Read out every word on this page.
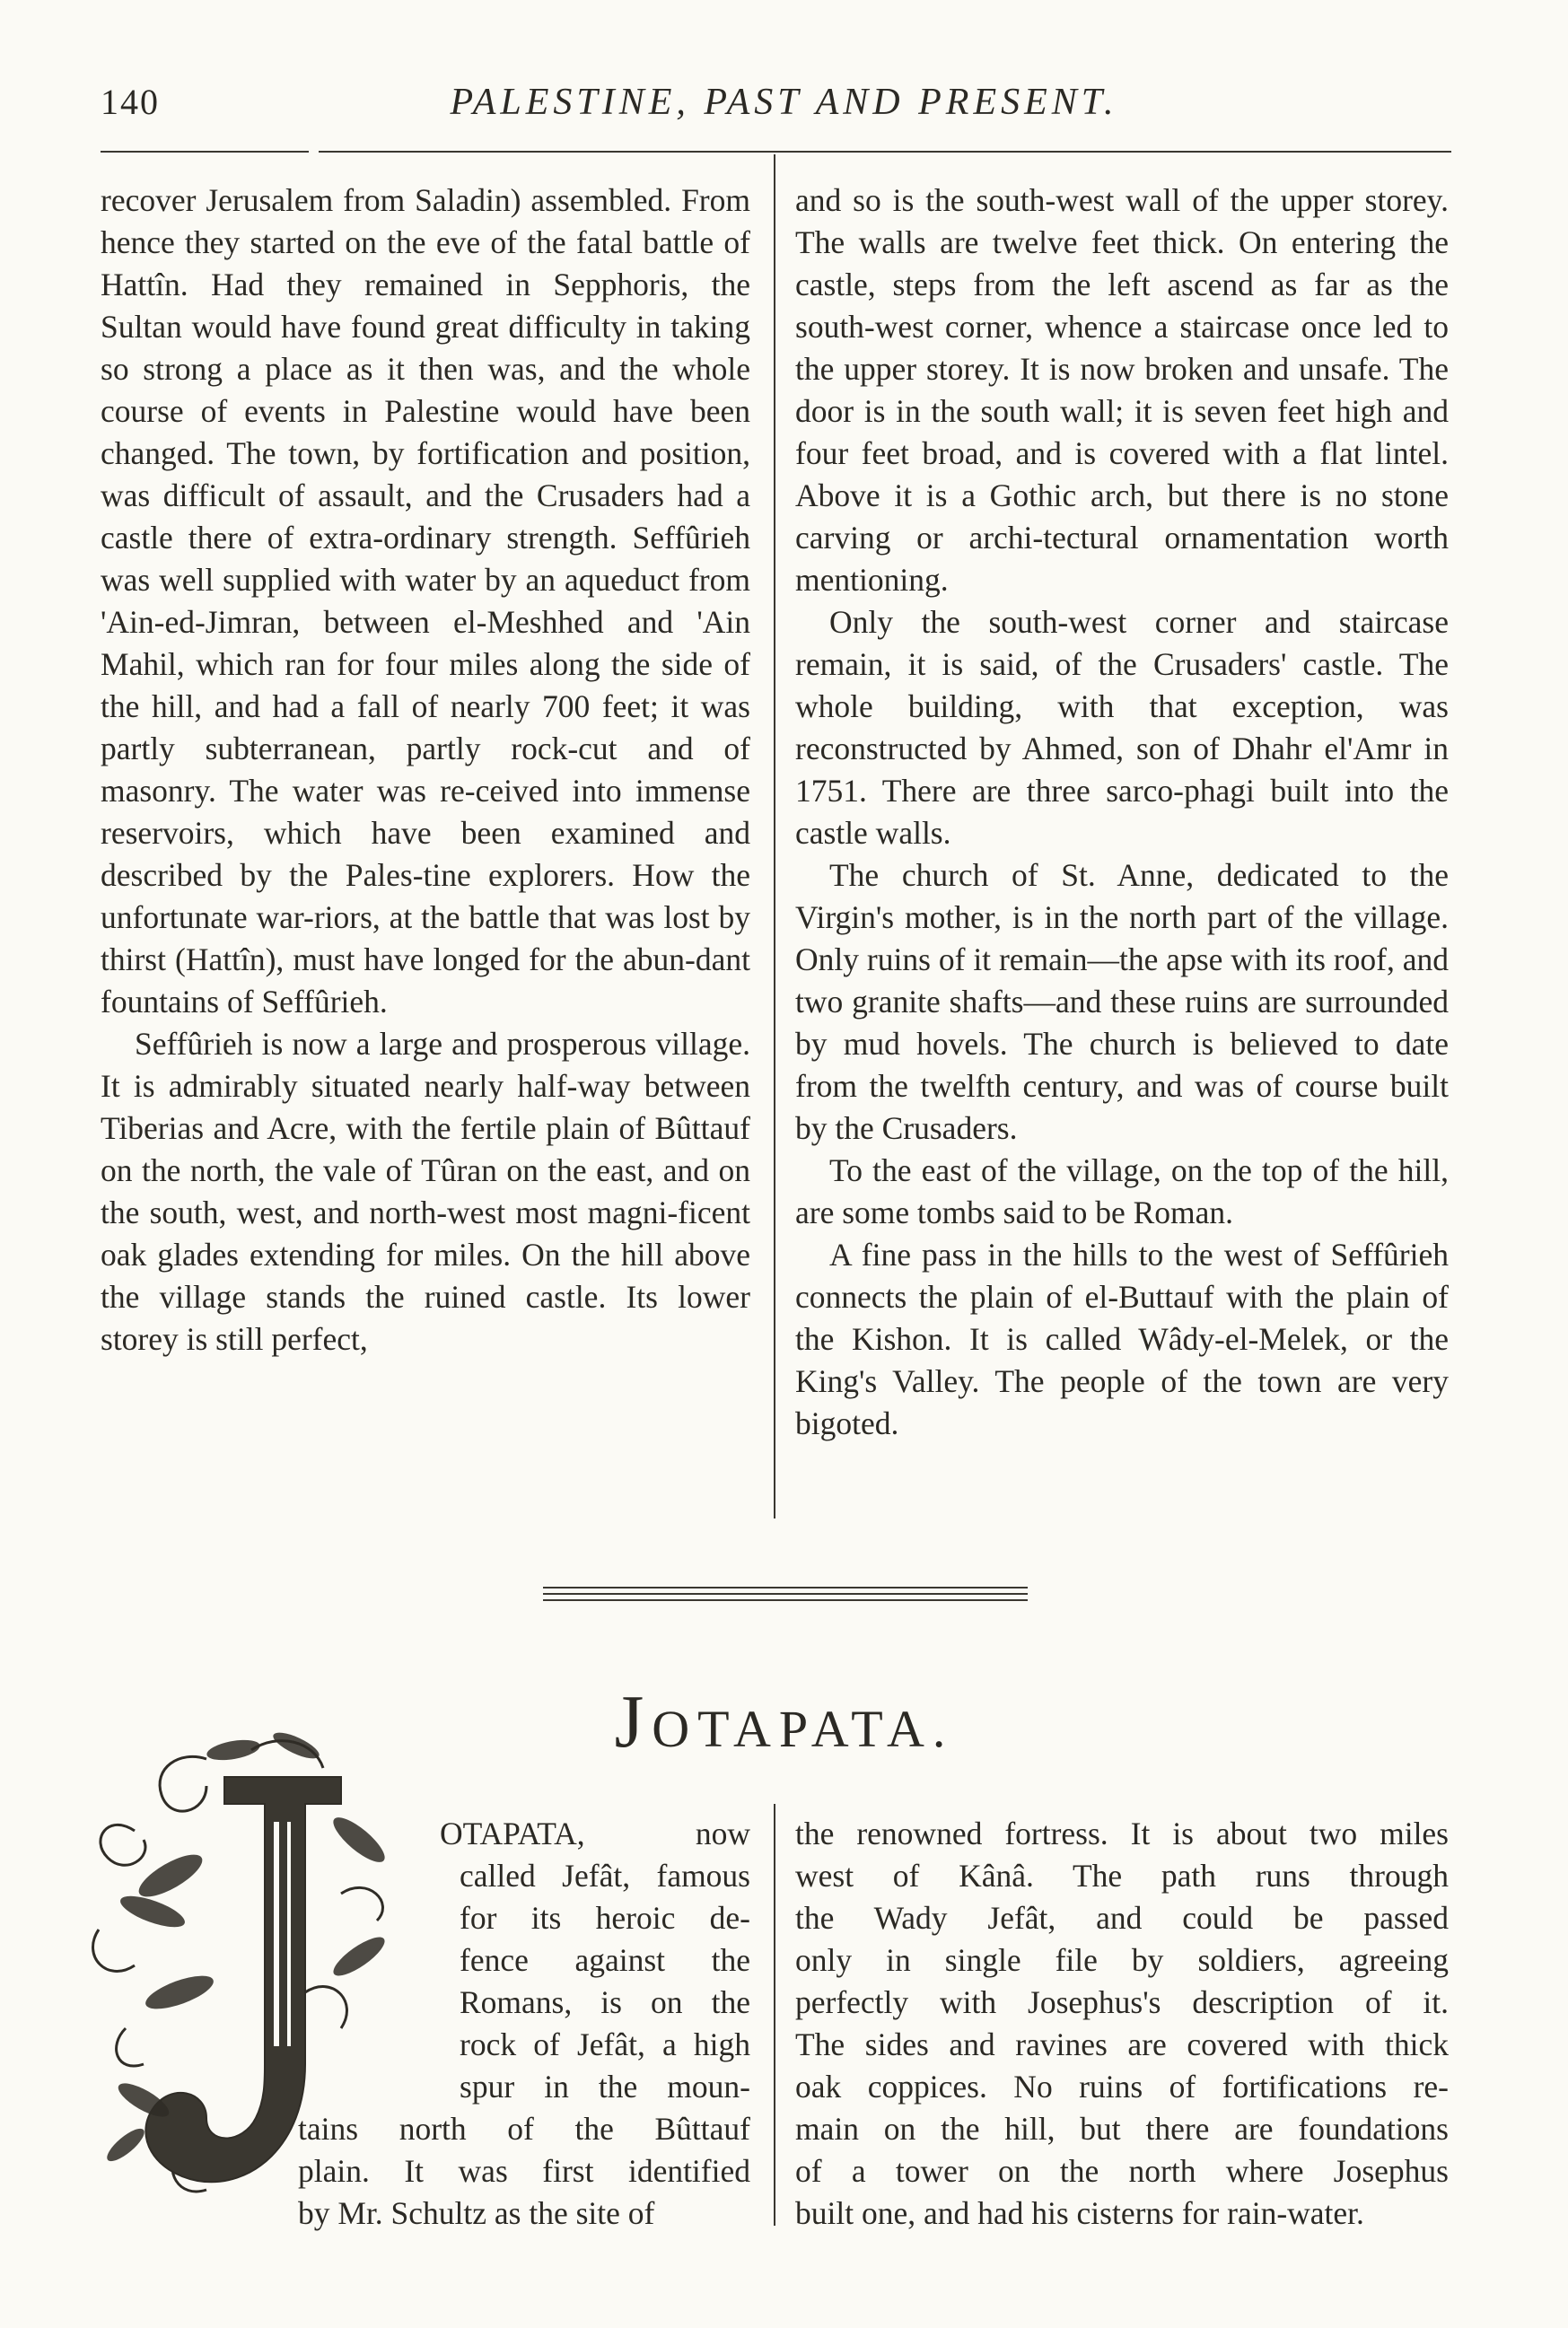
140	PALESTINE, PAST AND PRESENT.

recover Jerusalem from Saladin) assembled. From hence they started on the eve of the fatal battle of Hattîn. Had they remained in Sepphoris, the Sultan would have found great difficulty in taking so strong a place as it then was, and the whole course of events in Palestine would have been changed. The town, by fortification and position, was difficult of assault, and the Crusaders had a castle there of extra-ordinary strength. Seffûrieh was well supplied with water by an aqueduct from 'Ain-ed-Jimran, between el-Meshhed and 'Ain Mahil, which ran for four miles along the side of the hill, and had a fall of nearly 700 feet; it was partly subterranean, partly rock-cut and of masonry. The water was re-ceived into immense reservoirs, which have been examined and described by the Pales-tine explorers. How the unfortunate war-riors, at the battle that was lost by thirst (Hattîn), must have longed for the abun-dant fountains of Seffûrieh.

Seffûrieh is now a large and prosperous village. It is admirably situated nearly half-way between Tiberias and Acre, with the fertile plain of Bûttauf on the north, the vale of Tûran on the east, and on the south, west, and north-west most magni-ficent oak glades extending for miles. On the hill above the village stands the ruined castle. Its lower storey is still perfect,

and so is the south-west wall of the upper storey. The walls are twelve feet thick. On entering the castle, steps from the left ascend as far as the south-west corner, whence a staircase once led to the upper storey. It is now broken and unsafe. The door is in the south wall; it is seven feet high and four feet broad, and is covered with a flat lintel. Above it is a Gothic arch, but there is no stone carving or archi-tectural ornamentation worth mentioning.

Only the south-west corner and staircase remain, it is said, of the Crusaders' castle. The whole building, with that exception, was reconstructed by Ahmed, son of Dhahr el'Amr in 1751. There are three sarco-phagi built into the castle walls.

The church of St. Anne, dedicated to the Virgin's mother, is in the north part of the village. Only ruins of it remain—the apse with its roof, and two granite shafts—and these ruins are surrounded by mud hovels. The church is believed to date from the twelfth century, and was of course built by the Crusaders.

To the east of the village, on the top of the hill, are some tombs said to be Roman.

A fine pass in the hills to the west of Seffûrieh connects the plain of el-Buttauf with the plain of the Kishon. It is called Wâdy-el-Melek, or the King's Valley. The people of the town are very bigoted.

JOTAPATA.
OTAPATA, now
called Jefât, famous
for its heroic de-
fence against the
Romans, is on the
rock of Jefât, a high
spur in the moun-
tains north of the Bûttauf
plain. It was first identified
by Mr. Schultz as the site of
the renowned fortress. It is about two miles
west of Kânâ. The path runs through
the Wady Jefât, and could be passed
only in single file by soldiers, agreeing
perfectly with Josephus's description of it.
The sides and ravines are covered with thick
oak coppices. No ruins of fortifications re-
main on the hill, but there are foundations
of a tower on the north where Josephus
built one, and had his cisterns for rain-water.
